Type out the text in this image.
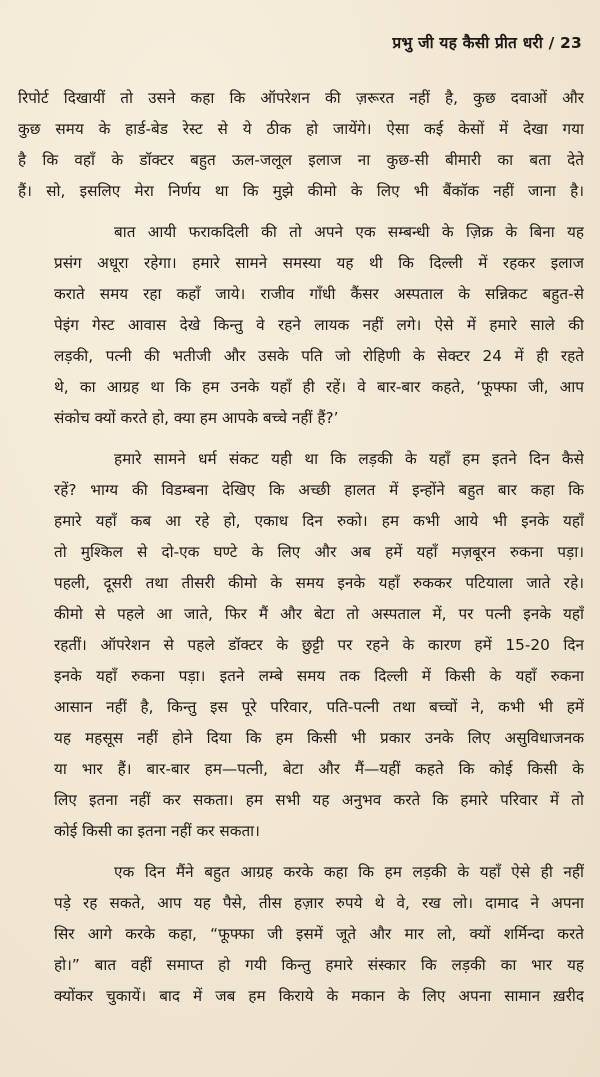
प्रभु जी यह कैसी प्रीत धरी / 23

रिपोर्ट दिखायीं तो उसने कहा कि ऑपरेशन की ज़रूरत नहीं है, कुछ दवाओं और
कुछ समय के हार्ड-बेड रेस्ट से ये ठीक हो जायेंगे। ऐसा कई केसों में देखा गया
है कि वहाँ के डॉक्टर बहुत ऊल-जलूल इलाज ना कुछ-सी बीमारी का बता देते
हैं। सो, इसलिए मेरा निर्णय था कि मुझे कीमो के लिए भी बैंकॉक नहीं जाना है।

बात आयी फराकदिली की तो अपने एक सम्बन्धी के ज़िक्र के बिना यह
प्रसंग अधूरा रहेगा। हमारे सामने समस्या यह थी कि दिल्ली में रहकर इलाज
कराते समय रहा कहाँ जाये। राजीव गाँधी कैंसर अस्पताल के सन्निकट बहुत-से
पेइंग गेस्ट आवास देखे किन्तु वे रहने लायक नहीं लगे। ऐसे में हमारे साले की
लड़की, पत्नी की भतीजी और उसके पति जो रोहिणी के सेक्टर 24 में ही रहते
थे, का आग्रह था कि हम उनके यहाँ ही रहें। वे बार-बार कहते, ‘फूफ्फा जी, आप
संकोच क्यों करते हो, क्या हम आपके बच्चे नहीं हैं?’

हमारे सामने धर्म संकट यही था कि लड़की के यहाँ हम इतने दिन कैसे
रहें? भाग्य की विडम्बना देखिए कि अच्छी हालत में इन्होंने बहुत बार कहा कि
हमारे यहाँ कब आ रहे हो, एकाध दिन रुको। हम कभी आये भी इनके यहाँ
तो मुश्किल से दो-एक घण्टे के लिए और अब हमें यहाँ मज़बूरन रुकना पड़ा।
पहली, दूसरी तथा तीसरी कीमो के समय इनके यहाँ रुककर पटियाला जाते रहे।
कीमो से पहले आ जाते, फिर मैं और बेटा तो अस्पताल में, पर पत्नी इनके यहाँ
रहतीं। ऑपरेशन से पहले डॉक्टर के छुट्टी पर रहने के कारण हमें 15-20 दिन
इनके यहाँ रुकना पड़ा। इतने लम्बे समय तक दिल्ली में किसी के यहाँ रुकना
आसान नहीं है, किन्तु इस पूरे परिवार, पति-पत्नी तथा बच्चों ने, कभी भी हमें
यह महसूस नहीं होने दिया कि हम किसी भी प्रकार उनके लिए असुविधाजनक
या भार हैं। बार-बार हम—पत्नी, बेटा और मैं—यहीं कहते कि कोई किसी के
लिए इतना नहीं कर सकता। हम सभी यह अनुभव करते कि हमारे परिवार में तो
कोई किसी का इतना नहीं कर सकता।

एक दिन मैंने बहुत आग्रह करके कहा कि हम लड़की के यहाँ ऐसे ही नहीं
पड़े रह सकते, आप यह पैसे, तीस हज़ार रुपये थे वे, रख लो। दामाद ने अपना
सिर आगे करके कहा, “फूफ्फा जी इसमें जूते और मार लो, क्यों शर्मिन्दा करते
हो।” बात वहीं समाप्त हो गयी किन्तु हमारे संस्कार कि लड़की का भार यह
क्योंकर चुकायें। बाद में जब हम किराये के मकान के लिए अपना सामान ख़रीद
